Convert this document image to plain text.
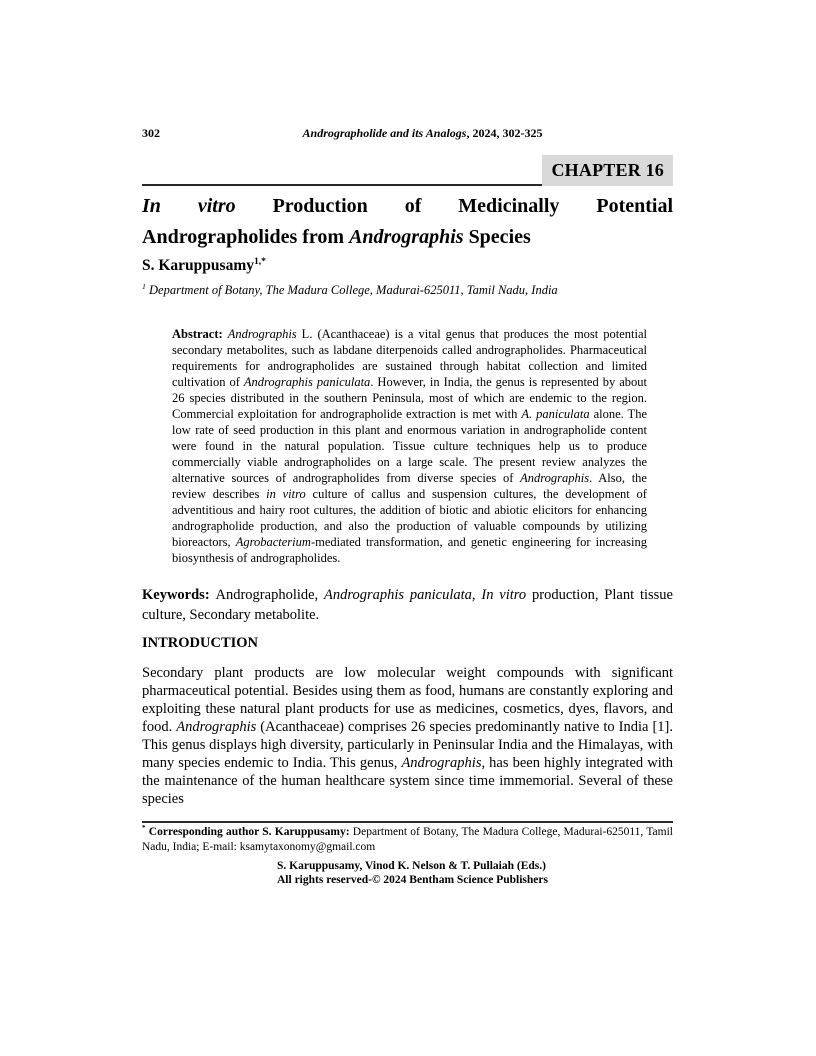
302	Andrographolide and its Analogs, 2024, 302-325
CHAPTER 16
In vitro Production of Medicinally Potential
Andrographolides from Andrographis Species
S. Karuppusamy$^{1,*}$
$^1$ Department of Botany, The Madura College, Madurai-625011, Tamil Nadu, India
Abstract: Andrographis L. (Acanthaceae) is a vital genus that produces the most potential secondary metabolites, such as labdane diterpenoids called andrographolides. Pharmaceutical requirements for andrographolides are sustained through habitat collection and limited cultivation of Andrographis paniculata. However, in India, the genus is represented by about 26 species distributed in the southern Peninsula, most of which are endemic to the region. Commercial exploitation for andrographolide extraction is met with A. paniculata alone. The low rate of seed production in this plant and enormous variation in andrographolide content were found in the natural population. Tissue culture techniques help us to produce commercially viable andrographolides on a large scale. The present review analyzes the alternative sources of andrographolides from diverse species of Andrographis. Also, the review describes in vitro culture of callus and suspension cultures, the development of adventitious and hairy root cultures, the addition of biotic and abiotic elicitors for enhancing andrographolide production, and also the production of valuable compounds by utilizing bioreactors, Agrobacterium-mediated transformation, and genetic engineering for increasing biosynthesis of andrographolides.

Keywords: Andrographolide, Andrographis paniculata, In vitro production, Plant tissue culture, Secondary metabolite.

INTRODUCTION

Secondary plant products are low molecular weight compounds with significant pharmaceutical potential. Besides using them as food, humans are constantly exploring and exploiting these natural plant products for use as medicines, cosmetics, dyes, flavors, and food. Andrographis (Acanthaceae) comprises 26 species predominantly native to India [1]. This genus displays high diversity, particularly in Peninsular India and the Himalayas, with many species endemic to India. This genus, Andrographis, has been highly integrated with the maintenance of the human healthcare system since time immemorial. Several of these species

* Corresponding author S. Karuppusamy: Department of Botany, The Madura College, Madurai-625011, Tamil Nadu, India; E-mail: ksamytaxonomy@gmail.com
S. Karuppusamy, Vinod K. Nelson & T. Pullaiah (Eds.)
All rights reserved-© 2024 Bentham Science Publishers
